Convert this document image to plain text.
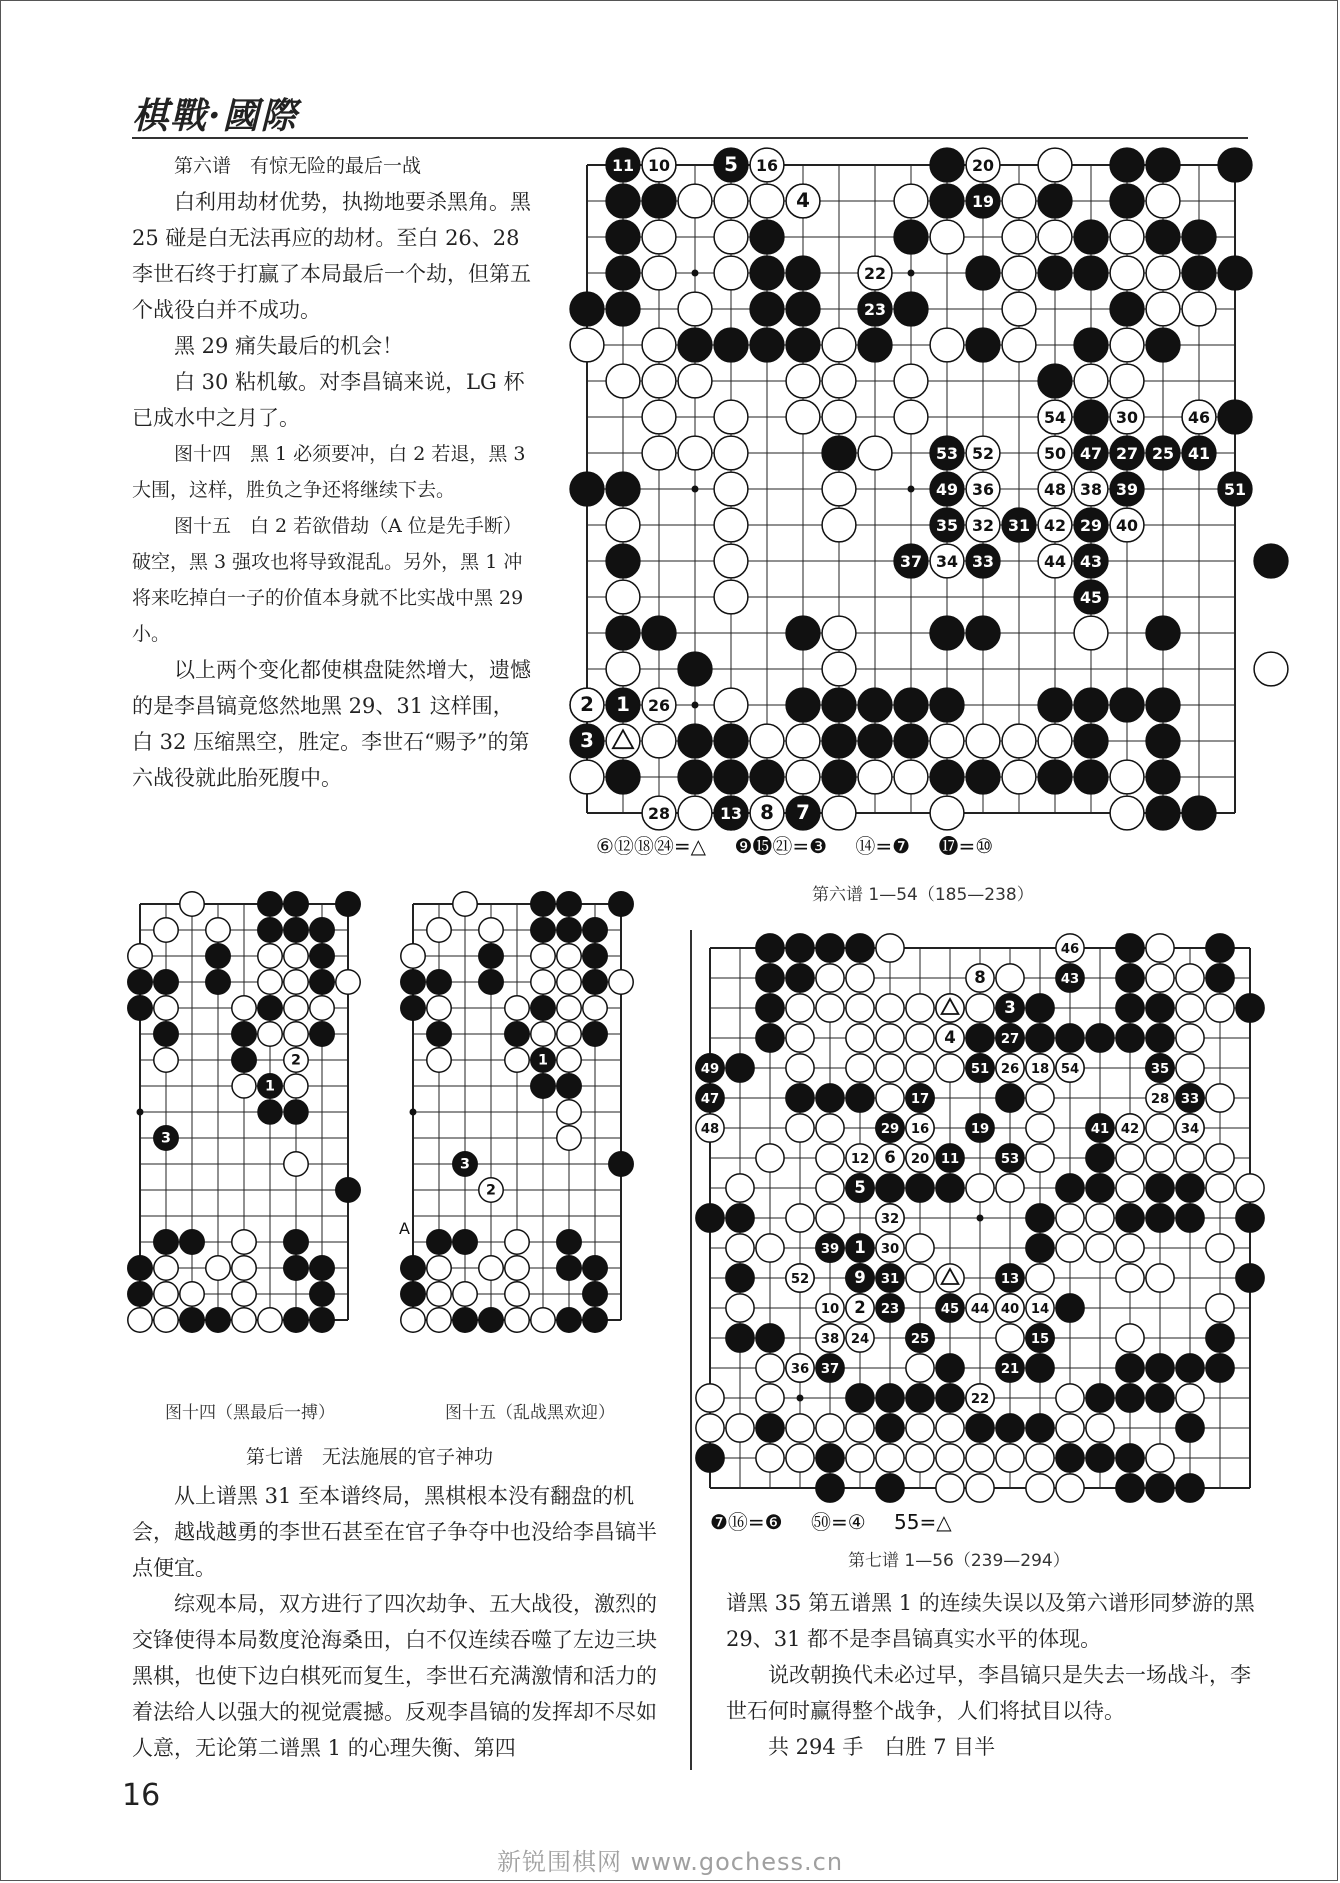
棋戰·國際

第六谱　有惊无险的最后一战

白利用劫材优势，执拗地要杀黑角。黑 25 碰是白无法再应的劫材。至白 26、28 李世石终于打赢了本局最后一个劫，但第五个战役白并不成功。

黑 29 痛失最后的机会！

白 30 粘机敏。对李昌镐来说，LG 杯已成水中之月了。

图十四　黑 1 必须要冲，白 2 若退，黑 3 大围，这样，胜负之争还将继续下去。

图十五　白 2 若欲借劫（A 位是先手断）破空，黑 3 强攻也将导致混乱。另外，黑 1 冲将来吃掉白一子的价值本身就不比实战中黑 29 小。

以上两个变化都使棋盘陡然增大，遗憾的是李昌镐竟悠然地黑 29、31 这样围，白 32 压缩黑空，胜定。李世石“赐予”的第六战役就此胎死腹中。

11 10	5 16	20
4	19
22
23
54	30	46
53 52	50 47 27 25 41
49 36	48 38 39	51
35 32 31 42 29 40
37 34 33	44 43
45
2 1 26
3
28	13 8 7
⑥⑫⑱㉔=△ ❾⓯㉑=❸ ⑭=❼ ⓱=⑩
第六谱 1—54（185—238）
2
1
3
图十四（黑最后一搏）
1
3
2
A
图十五（乱战黑欢迎）
第七谱　无法施展的官子神功

从上谱黑 31 至本谱终局，黑棋根本没有翻盘的机会，越战越勇的李世石甚至在官子争夺中也没给李昌镐半点便宜。

综观本局，双方进行了四次劫争、五大战役，激烈的交锋使得本局数度沧海桑田，白不仅连续吞噬了左边三块黑棋，也使下边白棋死而复生，李世石充满激情和活力的着法给人以强大的视觉震撼。反观李昌镐的发挥却不尽如人意，无论第二谱黑 1 的心理失衡、第四

46
8	43
3
4	27
49	51 26 18 54	35
47	17	28 33
48	29 16	19	41 42	34
12 6 20 11	53
5
32
39 1 30
52	9 31	13
10 2 23	45 44 40 14
38 24	25	15
36 37	21
22
❼⑯=❻ ㊿=④ 55=△
第七谱 1—56（239—294）

谱黑 35 第五谱黑 1 的连续失误以及第六谱形同梦游的黑 29、31 都不是李昌镐真实水平的体现。

说改朝换代未必过早，李昌镐只是失去一场战斗，李世石何时赢得整个战争，人们将拭目以待。

共 294 手　白胜 7 目半

16
新锐围棋网 www.gochess.cn
